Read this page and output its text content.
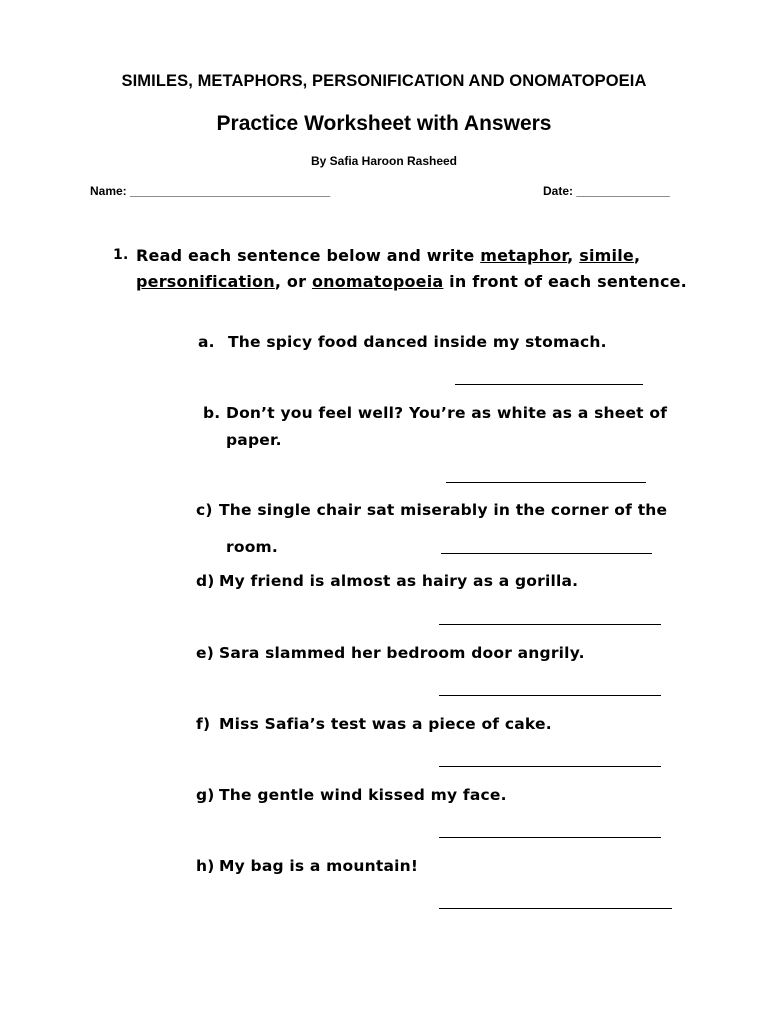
SIMILES, METAPHORS, PERSONIFICATION AND ONOMATOPOEIA
Practice Worksheet with Answers
By Safia Haroon Rasheed
Name: ______________________________	Date: ______________
1. Read each sentence below and write metaphor, simile,
personification, or onomatopoeia in front of each sentence.
a. The spicy food danced inside my stomach.
b. Don’t you feel well? You’re as white as a sheet of
paper.
c) The single chair sat miserably in the corner of the
room.
d) My friend is almost as hairy as a gorilla.
e) Sara slammed her bedroom door angrily.
f) Miss Safia’s test was a piece of cake.
g) The gentle wind kissed my face.
h) My bag is a mountain!
